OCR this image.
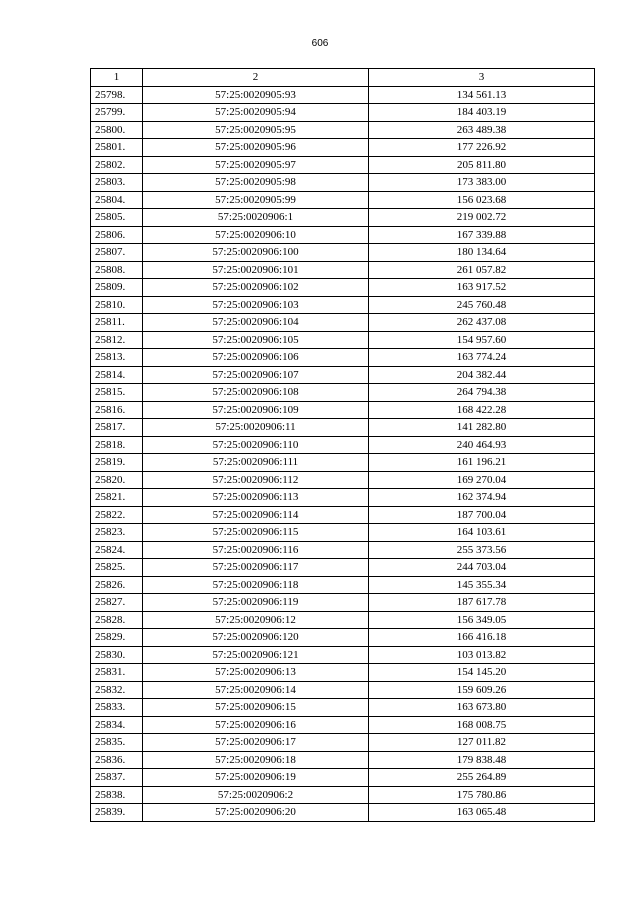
606
1	2	3
25798.	57:25:0020905:93	134 561.13
25799.	57:25:0020905:94	184 403.19
25800.	57:25:0020905:95	263 489.38
25801.	57:25:0020905:96	177 226.92
25802.	57:25:0020905:97	205 811.80
25803.	57:25:0020905:98	173 383.00
25804.	57:25:0020905:99	156 023.68
25805.	57:25:0020906:1	219 002.72
25806.	57:25:0020906:10	167 339.88
25807.	57:25:0020906:100	180 134.64
25808.	57:25:0020906:101	261 057.82
25809.	57:25:0020906:102	163 917.52
25810.	57:25:0020906:103	245 760.48
25811.	57:25:0020906:104	262 437.08
25812.	57:25:0020906:105	154 957.60
25813.	57:25:0020906:106	163 774.24
25814.	57:25:0020906:107	204 382.44
25815.	57:25:0020906:108	264 794.38
25816.	57:25:0020906:109	168 422.28
25817.	57:25:0020906:11	141 282.80
25818.	57:25:0020906:110	240 464.93
25819.	57:25:0020906:111	161 196.21
25820.	57:25:0020906:112	169 270.04
25821.	57:25:0020906:113	162 374.94
25822.	57:25:0020906:114	187 700.04
25823.	57:25:0020906:115	164 103.61
25824.	57:25:0020906:116	255 373.56
25825.	57:25:0020906:117	244 703.04
25826.	57:25:0020906:118	145 355.34
25827.	57:25:0020906:119	187 617.78
25828.	57:25:0020906:12	156 349.05
25829.	57:25:0020906:120	166 416.18
25830.	57:25:0020906:121	103 013.82
25831.	57:25:0020906:13	154 145.20
25832.	57:25:0020906:14	159 609.26
25833.	57:25:0020906:15	163 673.80
25834.	57:25:0020906:16	168 008.75
25835.	57:25:0020906:17	127 011.82
25836.	57:25:0020906:18	179 838.48
25837.	57:25:0020906:19	255 264.89
25838.	57:25:0020906:2	175 780.86
25839.	57:25:0020906:20	163 065.48
